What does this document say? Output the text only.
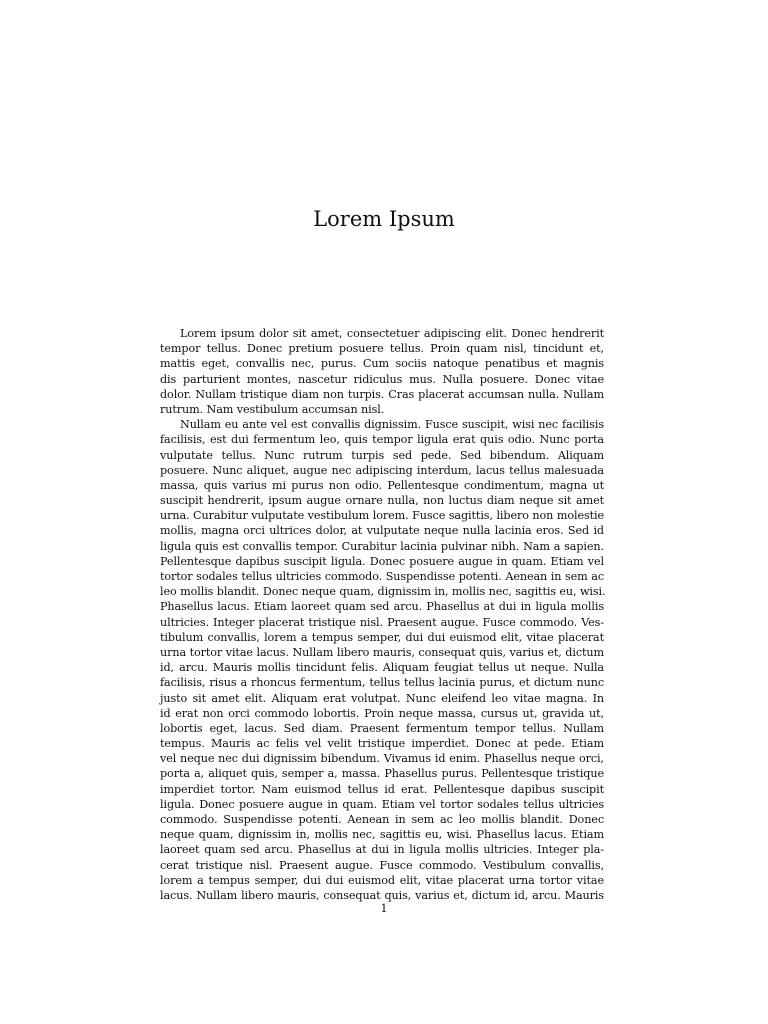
Lorem Ipsum
Lorem ipsum dolor sit amet, consectetuer adipiscing elit. Donec hendrerit
tempor tellus. Donec pretium posuere tellus. Proin quam nisl, tincidunt et,
mattis eget, convallis nec, purus. Cum sociis natoque penatibus et magnis
dis parturient montes, nascetur ridiculus mus. Nulla posuere. Donec vitae
dolor. Nullam tristique diam non turpis. Cras placerat accumsan nulla. Nullam
rutrum. Nam vestibulum accumsan nisl.
Nullam eu ante vel est convallis dignissim. Fusce suscipit, wisi nec facilisis
facilisis, est dui fermentum leo, quis tempor ligula erat quis odio. Nunc porta
vulputate tellus. Nunc rutrum turpis sed pede. Sed bibendum. Aliquam
posuere. Nunc aliquet, augue nec adipiscing interdum, lacus tellus malesuada
massa, quis varius mi purus non odio. Pellentesque condimentum, magna ut
suscipit hendrerit, ipsum augue ornare nulla, non luctus diam neque sit amet
urna. Curabitur vulputate vestibulum lorem. Fusce sagittis, libero non molestie
mollis, magna orci ultrices dolor, at vulputate neque nulla lacinia eros. Sed id
ligula quis est convallis tempor. Curabitur lacinia pulvinar nibh. Nam a sapien.
Pellentesque dapibus suscipit ligula. Donec posuere augue in quam. Etiam vel
tortor sodales tellus ultricies commodo. Suspendisse potenti. Aenean in sem ac
leo mollis blandit. Donec neque quam, dignissim in, mollis nec, sagittis eu, wisi.
Phasellus lacus. Etiam laoreet quam sed arcu. Phasellus at dui in ligula mollis
ultricies. Integer placerat tristique nisl. Praesent augue. Fusce commodo. Ves-
tibulum convallis, lorem a tempus semper, dui dui euismod elit, vitae placerat
urna tortor vitae lacus. Nullam libero mauris, consequat quis, varius et, dictum
id, arcu. Mauris mollis tincidunt felis. Aliquam feugiat tellus ut neque. Nulla
facilisis, risus a rhoncus fermentum, tellus tellus lacinia purus, et dictum nunc
justo sit amet elit. Aliquam erat volutpat. Nunc eleifend leo vitae magna. In
id erat non orci commodo lobortis. Proin neque massa, cursus ut, gravida ut,
lobortis eget, lacus. Sed diam. Praesent fermentum tempor tellus. Nullam
tempus. Mauris ac felis vel velit tristique imperdiet. Donec at pede. Etiam
vel neque nec dui dignissim bibendum. Vivamus id enim. Phasellus neque orci,
porta a, aliquet quis, semper a, massa. Phasellus purus. Pellentesque tristique
imperdiet tortor. Nam euismod tellus id erat. Pellentesque dapibus suscipit
ligula. Donec posuere augue in quam. Etiam vel tortor sodales tellus ultricies
commodo. Suspendisse potenti. Aenean in sem ac leo mollis blandit. Donec
neque quam, dignissim in, mollis nec, sagittis eu, wisi. Phasellus lacus. Etiam
laoreet quam sed arcu. Phasellus at dui in ligula mollis ultricies. Integer pla-
cerat tristique nisl. Praesent augue. Fusce commodo. Vestibulum convallis,
lorem a tempus semper, dui dui euismod elit, vitae placerat urna tortor vitae
lacus. Nullam libero mauris, consequat quis, varius et, dictum id, arcu. Mauris
1
